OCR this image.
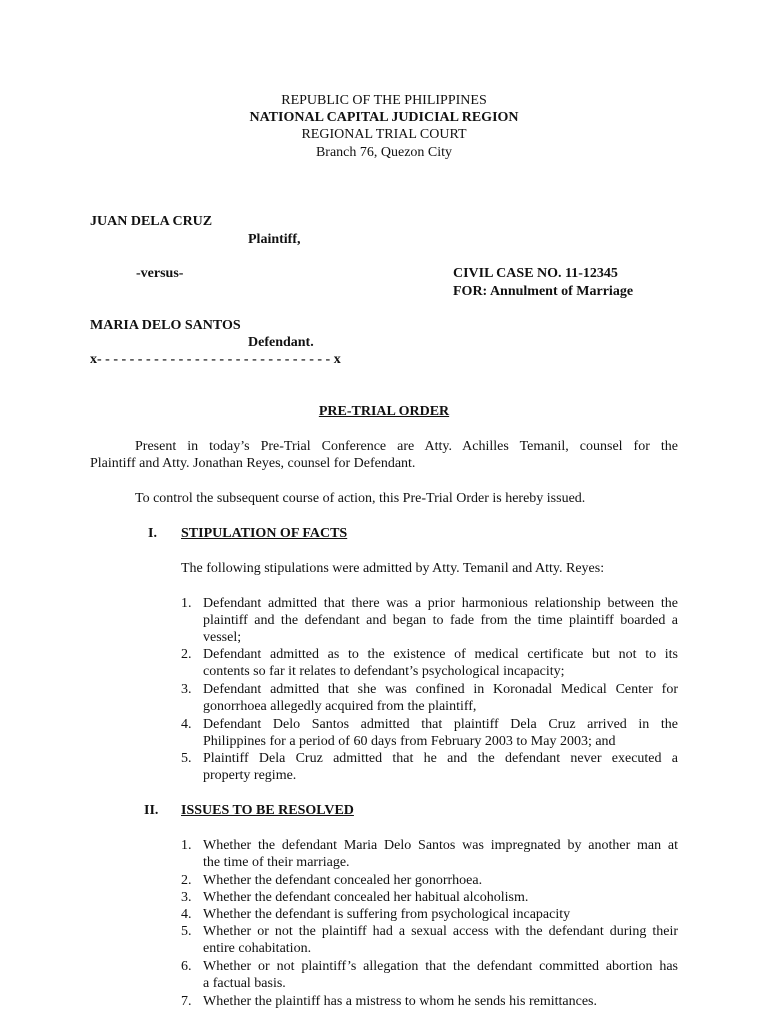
REPUBLIC OF THE PHILIPPINES
NATIONAL CAPITAL JUDICIAL REGION
REGIONAL TRIAL COURT
Branch 76, Quezon City
JUAN DELA CRUZ
Plaintiff,
-versus-	CIVIL CASE NO. 11-12345
FOR: Annulment of Marriage
MARIA DELO SANTOS
Defendant.
x- - - - - - - - - - - - - - - - - - - - - - - - - - - - - x
PRE-TRIAL ORDER
Present in today’s Pre-Trial Conference are Atty. Achilles Temanil, counsel for the
Plaintiff and Atty. Jonathan Reyes, counsel for Defendant.
To control the subsequent course of action, this Pre-Trial Order is hereby issued.
I. STIPULATION OF FACTS
The following stipulations were admitted by Atty. Temanil and Atty. Reyes:
1. Defendant admitted that there was a prior harmonious relationship between the
plaintiff and the defendant and began to fade from the time plaintiff boarded a
vessel;
2. Defendant admitted as to the existence of medical certificate but not to its
contents so far it relates to defendant’s psychological incapacity;
3. Defendant admitted that she was confined in Koronadal Medical Center for
gonorrhoea allegedly acquired from the plaintiff,
4. Defendant Delo Santos admitted that plaintiff Dela Cruz arrived in the
Philippines for a period of 60 days from February 2003 to May 2003; and
5. Plaintiff Dela Cruz admitted that he and the defendant never executed a
property regime.
II. ISSUES TO BE RESOLVED
1. Whether the defendant Maria Delo Santos was impregnated by another man at
the time of their marriage.
2. Whether the defendant concealed her gonorrhoea.
3. Whether the defendant concealed her habitual alcoholism.
4. Whether the defendant is suffering from psychological incapacity
5. Whether or not the plaintiff had a sexual access with the defendant during their
entire cohabitation.
6. Whether or not plaintiff’s allegation that the defendant committed abortion has
a factual basis.
7. Whether the plaintiff has a mistress to whom he sends his remittances.
